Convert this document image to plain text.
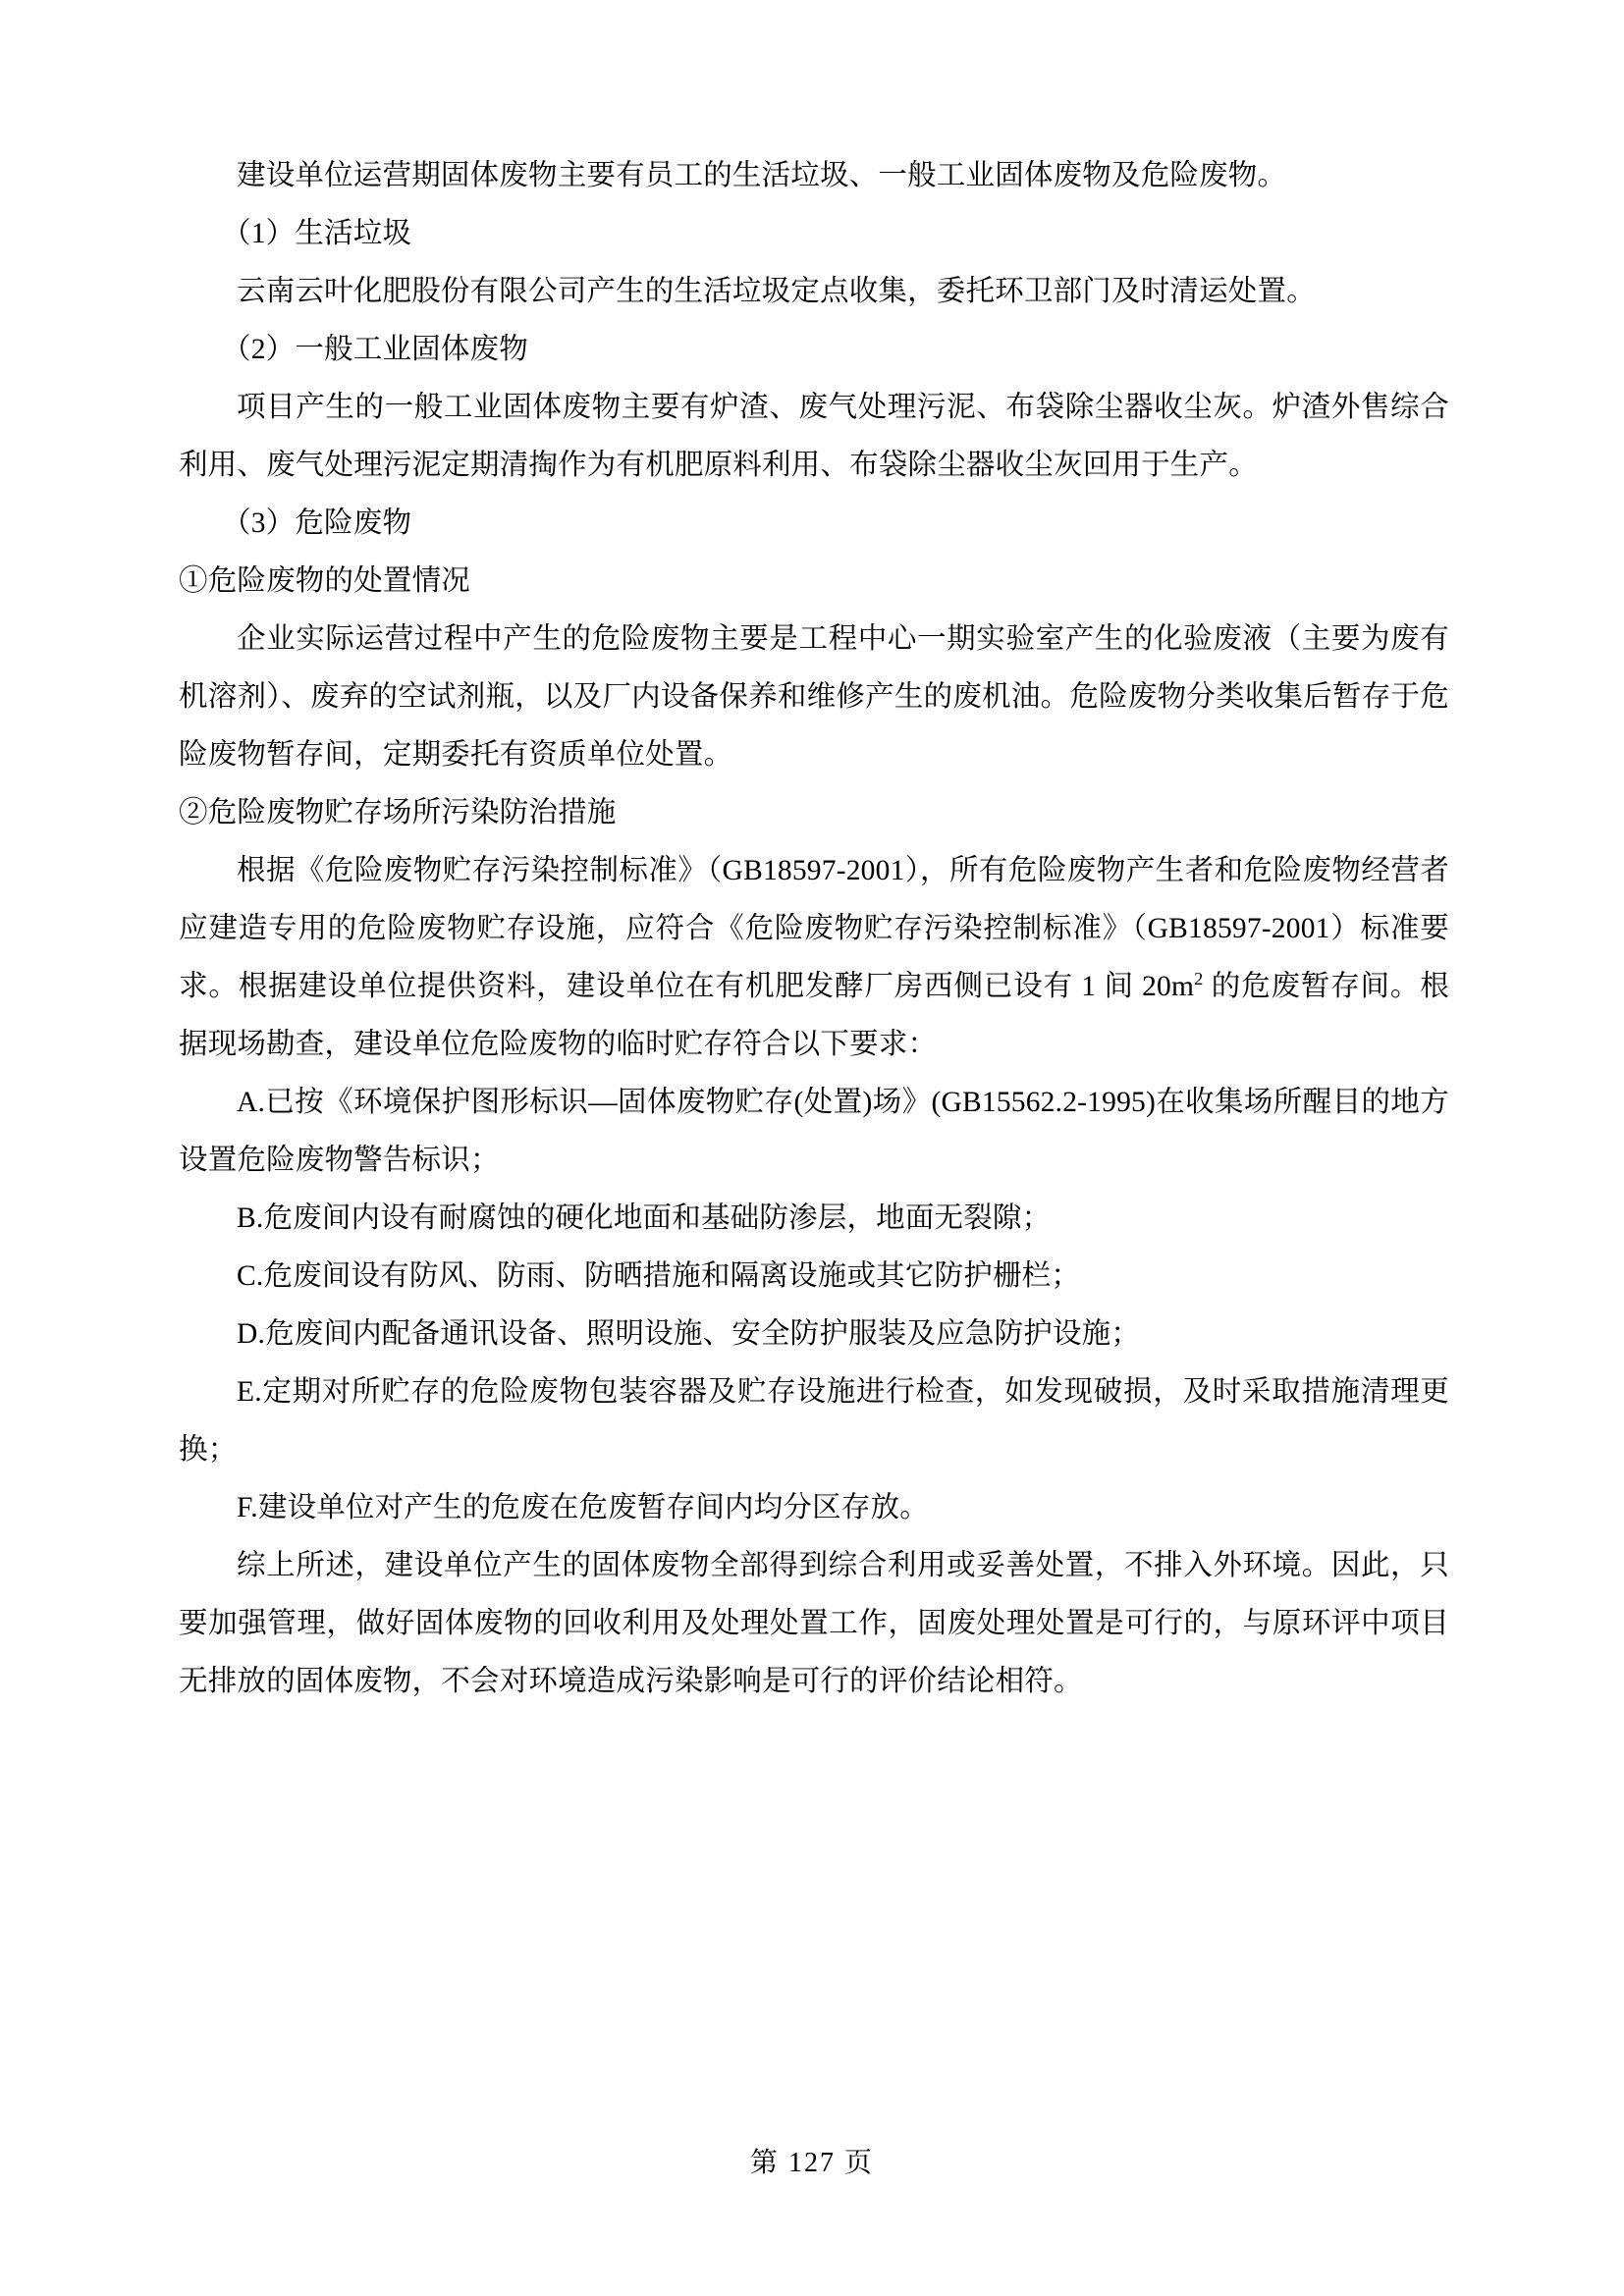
建设单位运营期固体废物主要有员工的生活垃圾、一般工业固体废物及危险废物。

（1）生活垃圾

云南云叶化肥股份有限公司产生的生活垃圾定点收集，委托环卫部门及时清运处置。

（2）一般工业固体废物

项目产生的一般工业固体废物主要有炉渣、废气处理污泥、布袋除尘器收尘灰。炉渣外售综合利用、废气处理污泥定期清掏作为有机肥原料利用、布袋除尘器收尘灰回用于生产。

（3）危险废物

①危险废物的处置情况

企业实际运营过程中产生的危险废物主要是工程中心一期实验室产生的化验废液（主要为废有机溶剂）、废弃的空试剂瓶，以及厂内设备保养和维修产生的废机油。危险废物分类收集后暂存于危险废物暂存间，定期委托有资质单位处置。

②危险废物贮存场所污染防治措施

根据《危险废物贮存污染控制标准》（GB18597-2001），所有危险废物产生者和危险废物经营者应建造专用的危险废物贮存设施，应符合《危险废物贮存污染控制标准》（GB18597-2001）标准要求。根据建设单位提供资料，建设单位在有机肥发酵厂房西侧已设有 1 间 $20m^2$ 的危废暂存间。根据现场勘查，建设单位危险废物的临时贮存符合以下要求：

A.已按《环境保护图形标识—固体废物贮存(处置)场》(GB15562.2-1995)在收集场所醒目的地方设置危险废物警告标识；

B.危废间内设有耐腐蚀的硬化地面和基础防渗层，地面无裂隙；

C.危废间设有防风、防雨、防晒措施和隔离设施或其它防护栅栏；

D.危废间内配备通讯设备、照明设施、安全防护服装及应急防护设施；

E.定期对所贮存的危险废物包装容器及贮存设施进行检查，如发现破损，及时采取措施清理更换；

F.建设单位对产生的危废在危废暂存间内均分区存放。

综上所述，建设单位产生的固体废物全部得到综合利用或妥善处置，不排入外环境。因此，只要加强管理，做好固体废物的回收利用及处理处置工作，固废处理处置是可行的，与原环评中项目无排放的固体废物，不会对环境造成污染影响是可行的评价结论相符。

第 127 页
